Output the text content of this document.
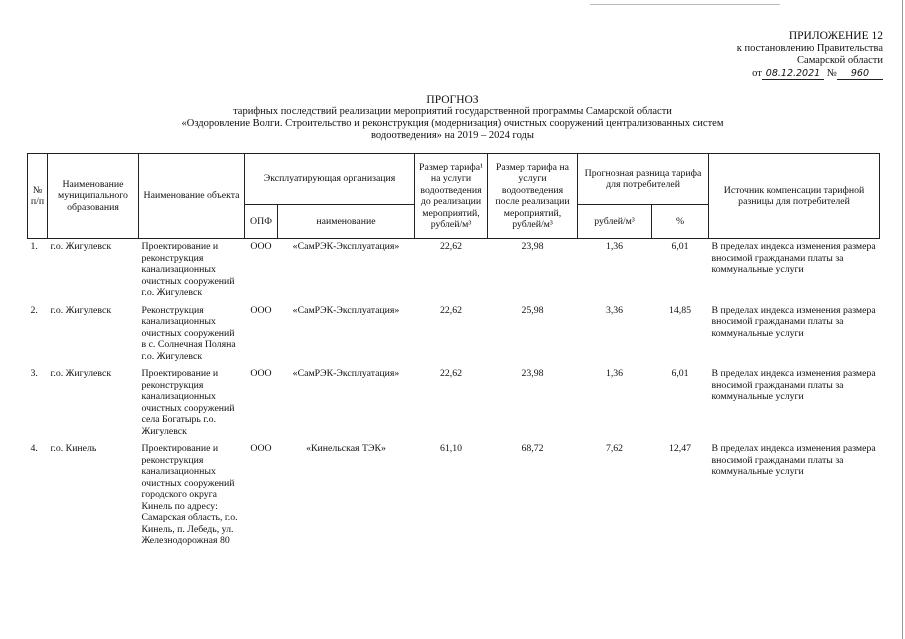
ПРИЛОЖЕНИЕ 12
к постановлению Правительства
Самарской области
от 08.12.2021 № 960
ПРОГНОЗ
тарифных последствий реализации мероприятий государственной программы Самарской области
«Оздоровление Волги. Строительство и реконструкция (модернизация) очистных сооружений централизованных систем
водоотведения» на 2019 – 2024 годы
№ п/п	Наименование муниципального образования	Наименование объекта	Эксплуатирующая организация		Размер тарифа¹ на услуги водоотведения до реализации мероприятий, рублей/м³	Размер тарифа на услуги водоотведения после реализации мероприятий, рублей/м³	Прогнозная разница тарифа для потребителей		Источник компенсации тарифной разницы для потребителей
			ОПФ	наименование			рублей/м³	%	
1.	г.о. Жигулевск	Проектирование и реконструкция канализационных очистных сооружений г.о. Жигулевск	ООО	«СамРЭК-Эксплуатация»	22,62	23,98	1,36	6,01	В пределах индекса изменения размера вносимой гражданами платы за коммунальные услуги
2.	г.о. Жигулевск	Реконструкция канализационных очистных сооружений в с. Солнечная Поляна г.о. Жигулевск	ООО	«СамРЭК-Эксплуатация»	22,62	25,98	3,36	14,85	В пределах индекса изменения размера вносимой гражданами платы за коммунальные услуги
3.	г.о. Жигулевск	Проектирование и реконструкция канализационных очистных сооружений села Богатырь г.о. Жигулевск	ООО	«СамРЭК-Эксплуатация»	22,62	23,98	1,36	6,01	В пределах индекса изменения размера вносимой гражданами платы за коммунальные услуги
4.	г.о. Кинель	Проектирование и реконструкция канализационных очистных сооружений городского округа Кинель по адресу: Самарская область, г.о. Кинель, п. Лебедь, ул. Железнодорожная 80	ООО	«Кинельская ТЭК»	61,10	68,72	7,62	12,47	В пределах индекса изменения размера вносимой гражданами платы за коммунальные услуги
